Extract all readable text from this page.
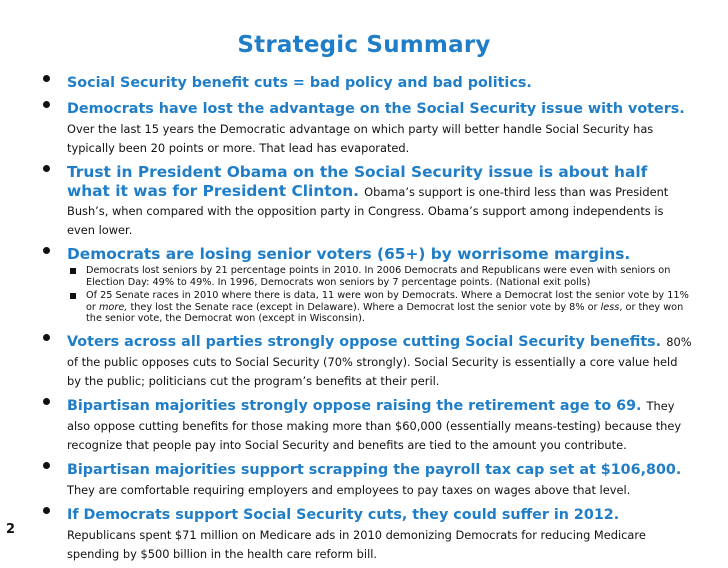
Strategic Summary
Social Security benefit cuts = bad policy and bad politics.
Democrats have lost the advantage on the Social Security issue with voters. Over the last 15 years the Democratic advantage on which party will better handle Social Security has typically been 20 points or more. That lead has evaporated.
Trust in President Obama on the Social Security issue is about half what it was for President Clinton. Obama’s support is one-third less than was President Bush’s, when compared with the opposition party in Congress. Obama’s support among independents is even lower.
Democrats are losing senior voters (65+) by worrisome margins.
Democrats lost seniors by 21 percentage points in 2010. In 2006 Democrats and Republicans were even with seniors on Election Day: 49% to 49%. In 1996, Democrats won seniors by 7 percentage points. (National exit polls)
Of 25 Senate races in 2010 where there is data, 11 were won by Democrats. Where a Democrat lost the senior vote by 11% or more, they lost the Senate race (except in Delaware). Where a Democrat lost the senior vote by 8% or less, or they won the senior vote, the Democrat won (except in Wisconsin).
Voters across all parties strongly oppose cutting Social Security benefits. 80% of the public opposes cuts to Social Security (70% strongly). Social Security is essentially a core value held by the public; politicians cut the program’s benefits at their peril.
Bipartisan majorities strongly oppose raising the retirement age to 69. They also oppose cutting benefits for those making more than $60,000 (essentially means-testing) because they recognize that people pay into Social Security and benefits are tied to the amount you contribute.
Bipartisan majorities support scrapping the payroll tax cap set at $106,800. They are comfortable requiring employers and employees to pay taxes on wages above that level.
If Democrats support Social Security cuts, they could suffer in 2012. Republicans spent $71 million on Medicare ads in 2010 demonizing Democrats for reducing Medicare spending by $500 billion in the health care reform bill.
2
